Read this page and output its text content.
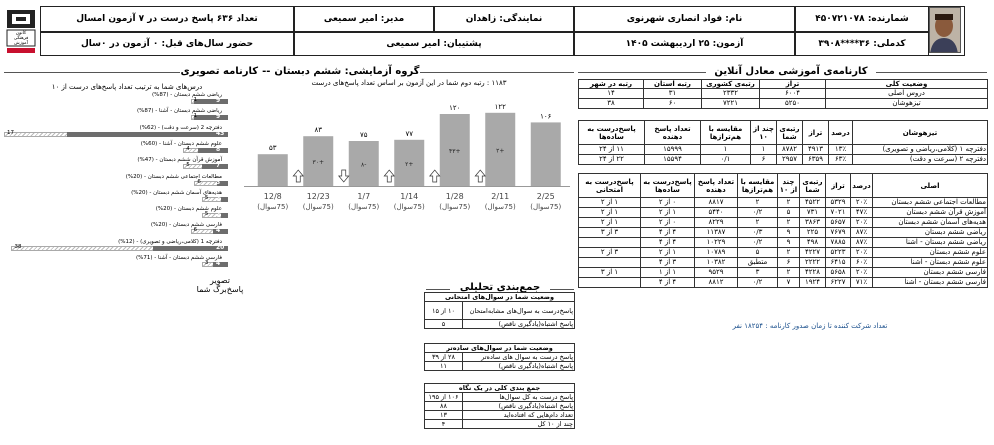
شمارنده: ۴۵۰۷۲۱۰۷۸
نام: فواد انصاری شهرنوی
نمایندگی: زاهدان
مدیر: امیر سمیعی
تعداد ۶۳۶ پاسخ درست در ۷ آزمون امسال
کدملی: ۳۶****۳۹۰۸
آزمون: ۲۵ اردیبهشت ۱۴۰۵
پشتیبان: امیر سمیعی
حضور سال‌های قبل: ۰ آزمون در ۰سال
کانون فرهنگی آموزش
کارنامه‌ی آموزشی معادل آنلاین
گروه آزمایشی: ششم دبستان
--
کارنامه تصویری
وضعیت کلی	تراز	رتبه‌ی کشوری	رتبه استان	رتبه در شهر
دروس اصلی	۶۰۰۴	۲۳۳۲	۳۱	۱۴
تیزهوشان	۵۲۵۰	۷۲۲۱	۶۰	۳۸
تیزهوشان	درصد	تراز	رتبه‌ی شما	چند از ۱۰	مقایسه با هم‌ترازها	تعداد پاسخ دهنده	پاسخ‌درست به ساده‌ها
دفترچه ۱ (کلامی،ریاضی و تصویری)	۱۳٪	۴۹۱۳	۸۷۸۲	۱	۱	۱۵۹۹۹	۱۱ از ۲۴
دفترچه ۲ (سرعت و دقت)	۶۳٪	۶۳۵۹	۲۹۵۷	۶	۰/۱	۱۵۵۹۴	۲۲ از ۲۴
اصلی	درصد	تراز	رتبه‌ی شما	چند از ۱۰	مقایسه با هم‌ترازها	تعداد پاسخ دهنده	پاسخ‌درست به ساده‌ها	پاسخ‌درست به امتحانی
مطالعات اجتماعی ششم دبستان	۲۰٪	۵۳۲۹	۴۵۲۲	۲	۲	۸۸۱۷	۰ از ۲	۱ از ۲
آموزش قرآن ششم دبستان	۴۷٪	۷۰۲۱	۷۳۱	۵	۰/۲	۵۴۴۰	۱ از ۲	۱ از ۲
هدیه‌های آسمان ششم دبستان	۲۰٪	۵۶۵۷	۳۸۶۳	۲	۲	۸۲۲۹	۰ از ۲	۱ از ۲
ریاضی ششم دبستان	۸۷٪	۷۶۷۹	۲۲۵	۹	۰/۳	۱۱۳۸۷	۴ از ۴	۳ از ۳
ریاضی ششم دبستان - اشنا	۸۷٪	۷۸۸۵	۴۹۸	۹	۰/۲	۱۰۲۲۹	۴ از ۴	
علوم ششم دبستان	۲۰٪	۵۲۲۳	۴۲۲۷	۲	۵	۱۰۷۸۹	۱ از ۲	۳ از ۲
علوم ششم دبستان - اشنا	۶۰٪	۶۴۱۵	۲۲۲۲	۶	متطبق	۱۰۳۸۲	۳ از ۴	
فارسی ششم دبستان	۲۰٪	۵۶۵۸	۴۲۲۸	۲	۳	۹۵۲۹	۱ از ۱	۱ از ۳
فارسی ششم دبستان - اشنا	۷۱٪	۶۲۲۷	۱۹۲۴	۷	۰/۲	۸۸۱۲	۴ از ۴	
تعداد شرکت کننده تا زمان صدور کارنامه : ۱۸۲۵۴ نفر
۱۱۸۳ : رتبه دوم شما در این آزمون بر اساس تعداد پاسخ‌های درست
۵۳
12/8
(75سوال)
۸۳
+۳۰
12/23
(75سوال)
۷۵
-۸
1/7
(75سوال)
۷۷
+۲
1/14
(75سوال)
۱۲۰
+۴۳
1/28
(75سوال)
۱۲۲
+۲
2/11
(75سوال)
۱۰۶
2/25
(75سوال)
درس‌های شما به ترتیب تعداد پاسخ‌های درست از ۱۰
ریاضی ششم دبستان - (87%)
9
1
ریاضی ششم دبستان - آشنا - (87%)
9
1
دفترچه 2 (سرعت و دقت) - (62%)
43
17
علوم ششم دبستان - آشنا - (60%)
8
4
آموزش قرآن ششم دبستان - (47%)
7
5
مطالعات اجتماعی ششم دبستان - (20%)
3
6
هدیه‌های آسمان ششم دبستان - (20%)
2
5
علوم ششم دبستان - (20%)
2
5
فارسی ششم دبستان - (20%)
4
6
دفترچه 1 (کلامی،ریاضی و تصویری) - (12%)
20
38
فارسی ششم دبستان - آشنا - (71%)
4
3
تصویر پاسخ‌برگ شما	جمع‌بندی تحلیلی
وضعیت شما در سوال‌های امتحانی	
پاسخ‌درست به سوال‌های مشابه‌امتحان	۱۰ از ۱۵
پاسخ اشتباه(یادگیری ناقص)	۵
وضعیت شما در سوال‌های ساده‌تر	
پاسخ درست به سوال های ساده‌تر	۲۸ از ۳۹
پاسخ اشتباه(یادگیری ناقص)	۱۱
جمع بندی کلی در یک نگاه	
پاسخ درست به کل سوال‌ها	۱۰۶ از ۱۹۵
پاسخ اشتباه(یادگیری ناقص)	۸۸
تعداد دام‌هایی که افتاده‌اید	۱۳
چند از ۱۰ کل	۴
